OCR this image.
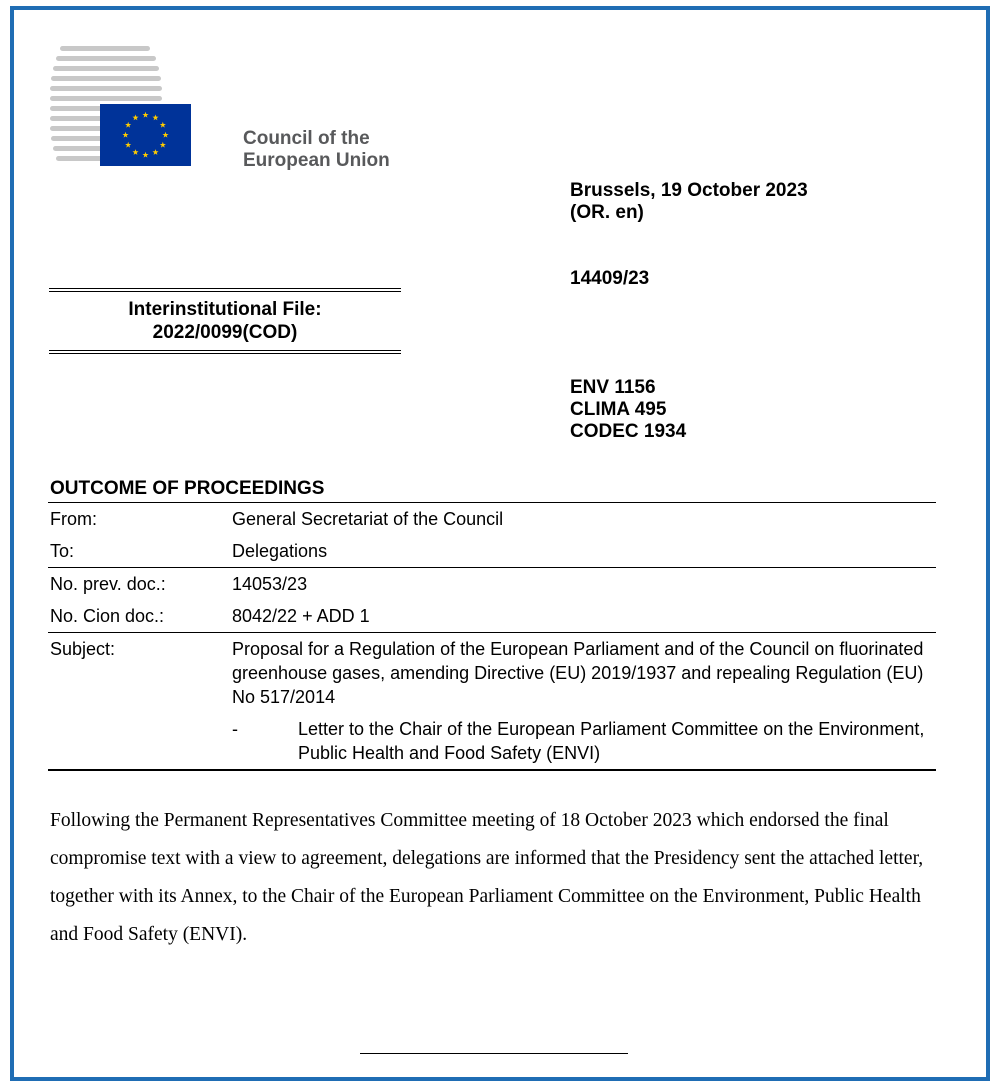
Council of the
European Union
Brussels, 19 October 2023
(OR. en)
14409/23
Interinstitutional File:
2022/0099(COD)
ENV 1156
CLIMA 495
CODEC 1934
OUTCOME OF PROCEEDINGS
From:	General Secretariat of the Council
To:	Delegations
No. prev. doc.:	14053/23
No. Cion doc.:	8042/22 + ADD 1
Subject:	Proposal for a Regulation of the European Parliament and of the Council on fluorinated greenhouse gases, amending Directive (EU) 2019/1937 and repealing Regulation (EU) No 517/2014
-	Letter to the Chair of the European Parliament Committee on the Environment, Public Health and Food Safety (ENVI)
Following the Permanent Representatives Committee meeting of 18 October 2023 which endorsed the final compromise text with a view to agreement, delegations are informed that the Presidency sent the attached letter, together with its Annex, to the Chair of the European Parliament Committee on the Environment, Public Health and Food Safety (ENVI).
